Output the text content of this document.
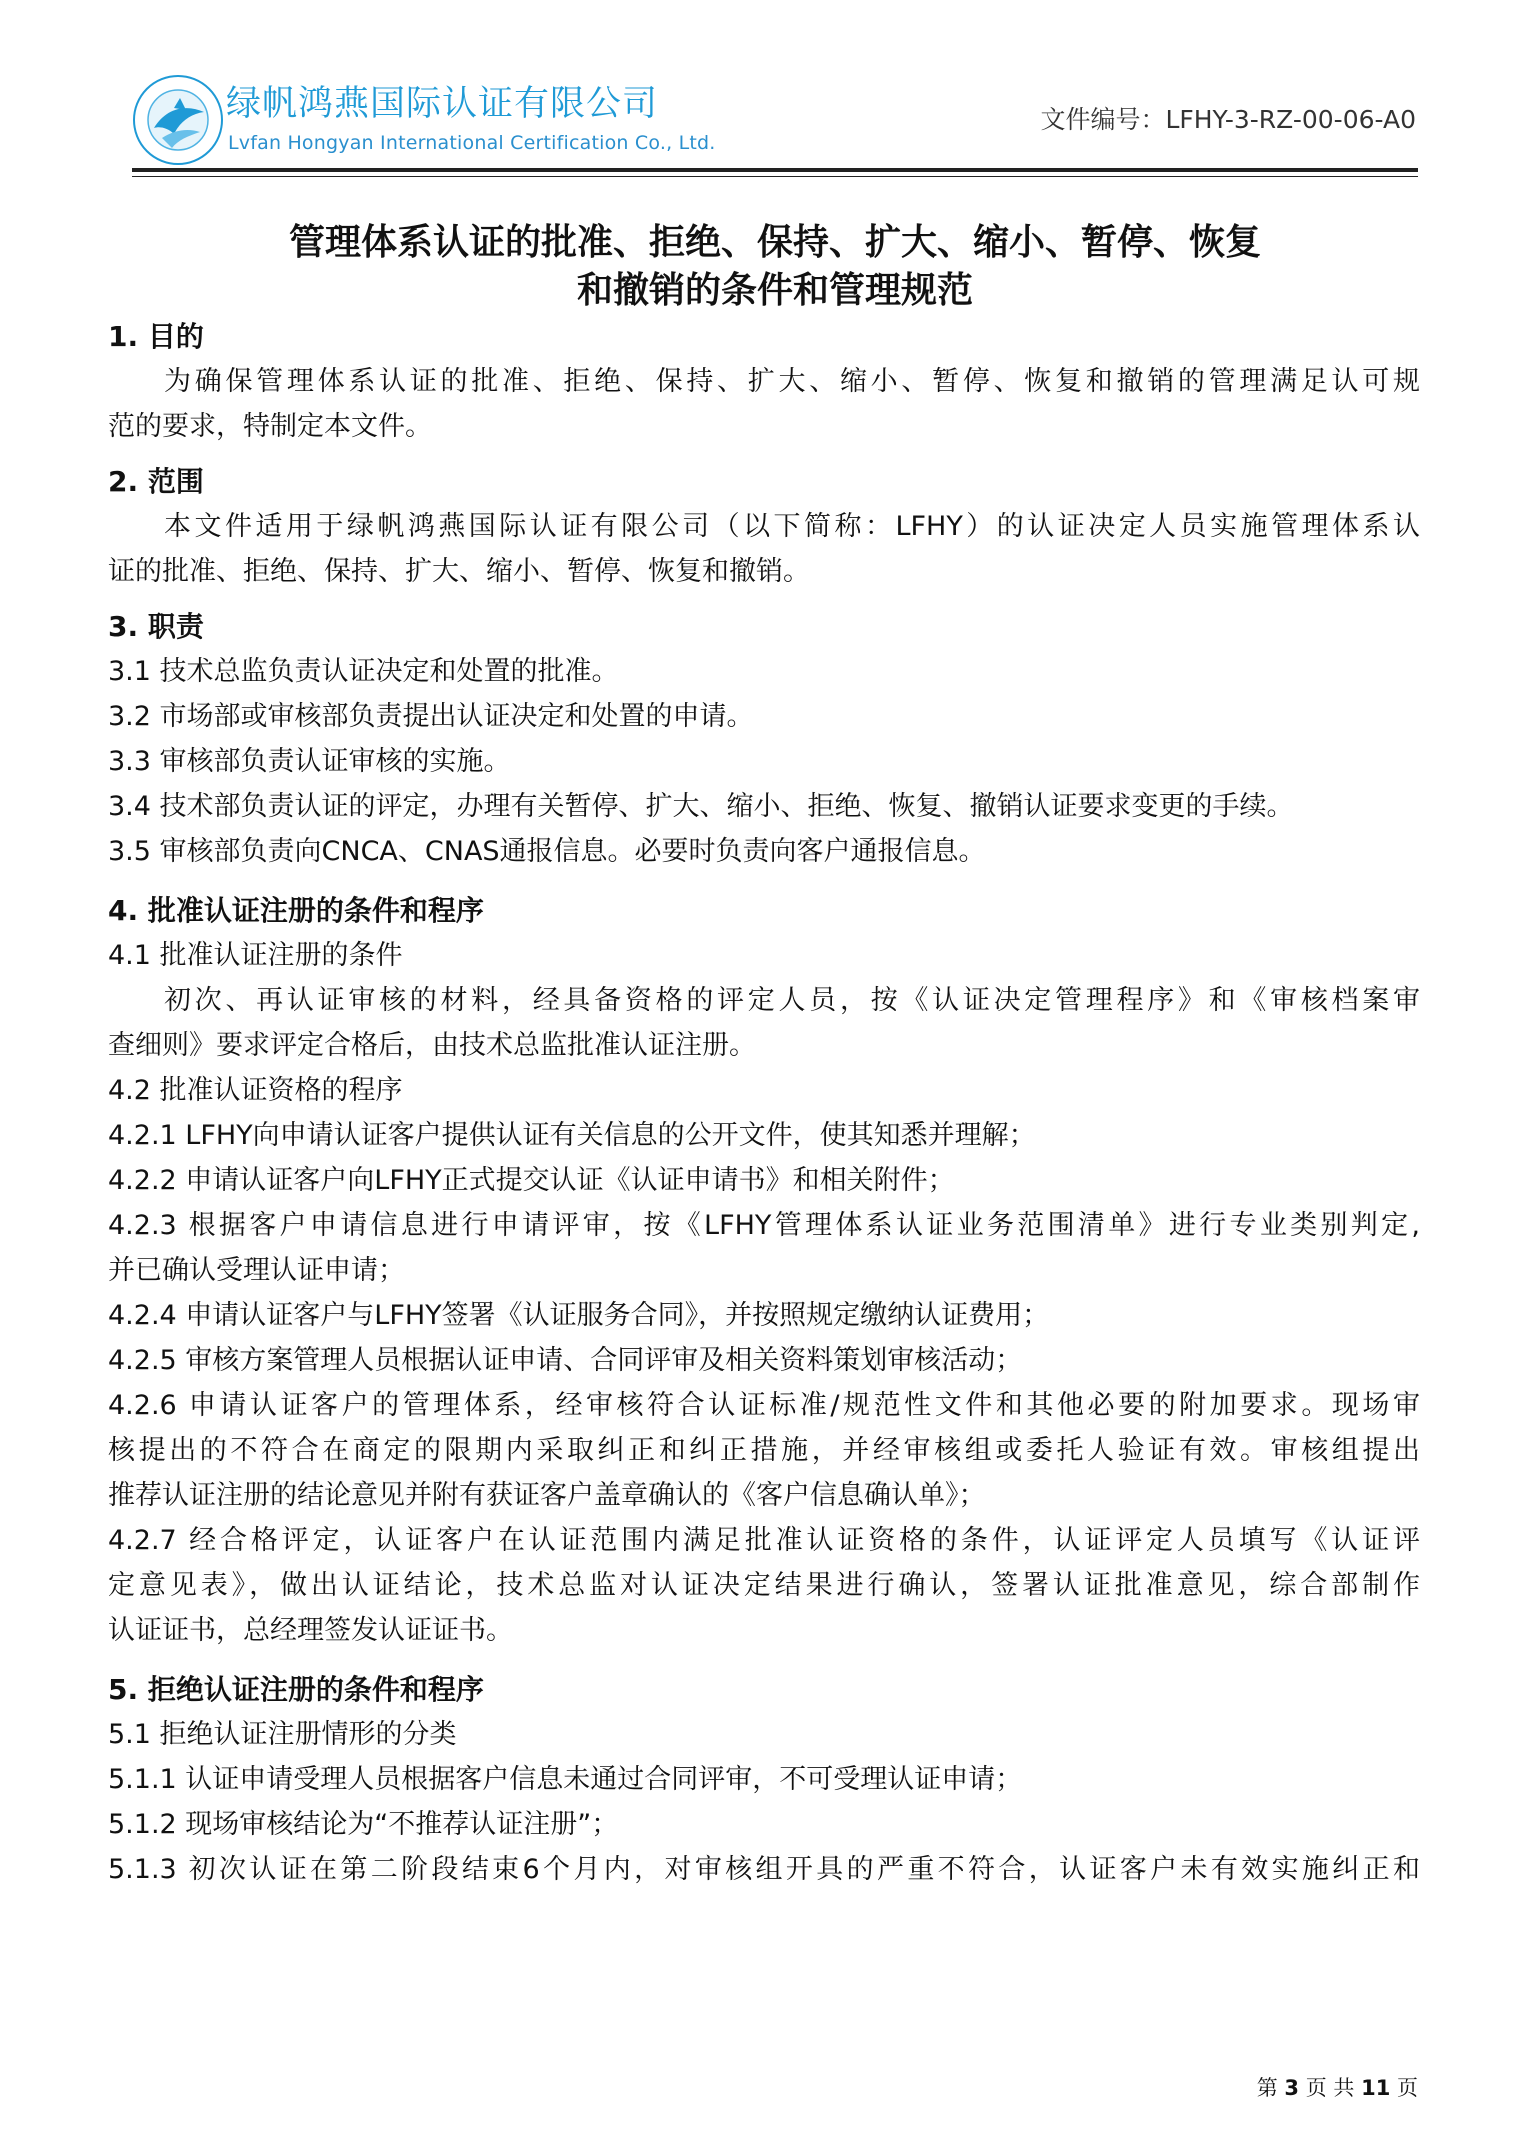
绿帆鸿燕国际认证有限公司
Lvfan Hongyan International Certification Co., Ltd.
文件编号：LFHY-3-RZ-00-06-A0
管理体系认证的批准、拒绝、保持、扩大、缩小、暂停、恢复
和撤销的条件和管理规范
1. 目的
为确保管理体系认证的批准、拒绝、保持、扩大、缩小、暂停、恢复和撤销的管理满足认可规
范的要求，特制定本文件。
2. 范围
本文件适用于绿帆鸿燕国际认证有限公司（以下简称：LFHY）的认证决定人员实施管理体系认
证的批准、拒绝、保持、扩大、缩小、暂停、恢复和撤销。
3. 职责
3.1 技术总监负责认证决定和处置的批准。
3.2 市场部或审核部负责提出认证决定和处置的申请。
3.3 审核部负责认证审核的实施。
3.4 技术部负责认证的评定，办理有关暂停、扩大、缩小、拒绝、恢复、撤销认证要求变更的手续。
3.5 审核部负责向CNCA、CNAS通报信息。必要时负责向客户通报信息。
4. 批准认证注册的条件和程序
4.1 批准认证注册的条件
初次、再认证审核的材料，经具备资格的评定人员，按《认证决定管理程序》和《审核档案审
查细则》要求评定合格后，由技术总监批准认证注册。
4.2 批准认证资格的程序
4.2.1 LFHY向申请认证客户提供认证有关信息的公开文件，使其知悉并理解；
4.2.2 申请认证客户向LFHY正式提交认证《认证申请书》和相关附件；
4.2.3 根据客户申请信息进行申请评审，按《LFHY管理体系认证业务范围清单》进行专业类别判定,
并已确认受理认证申请；
4.2.4 申请认证客户与LFHY签署《认证服务合同》，并按照规定缴纳认证费用；
4.2.5 审核方案管理人员根据认证申请、合同评审及相关资料策划审核活动；
4.2.6 申请认证客户的管理体系，经审核符合认证标准/规范性文件和其他必要的附加要求。现场审
核提出的不符合在商定的限期内采取纠正和纠正措施，并经审核组或委托人验证有效。审核组提出
推荐认证注册的结论意见并附有获证客户盖章确认的《客户信息确认单》；
4.2.7 经合格评定，认证客户在认证范围内满足批准认证资格的条件，认证评定人员填写《认证评
定意见表》，做出认证结论，技术总监对认证决定结果进行确认，签署认证批准意见，综合部制作
认证证书，总经理签发认证证书。
5. 拒绝认证注册的条件和程序
5.1 拒绝认证注册情形的分类
5.1.1 认证申请受理人员根据客户信息未通过合同评审，不可受理认证申请；
5.1.2 现场审核结论为“不推荐认证注册”；
5.1.3 初次认证在第二阶段结束6个月内，对审核组开具的严重不符合，认证客户未有效实施纠正和
第 3 页 共 11 页
